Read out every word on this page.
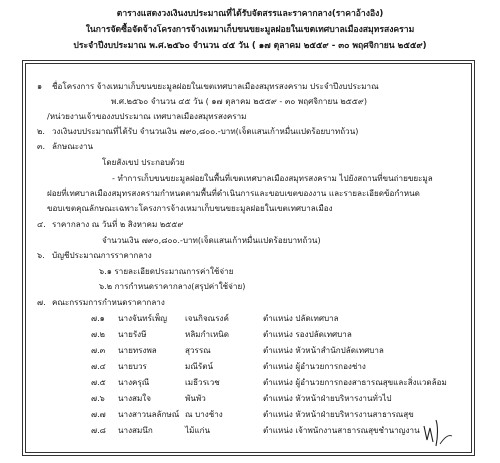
ตารางแสดงวงเงินงบประมาณที่ได้รับจัดสรรและราคากลาง(ราคาอ้างอิง)
ในการจัดซื้อจัดจ้างโครงการจ้างเหมาเก็บขนขยะมูลฝอยในเขตเทศบาลเมืองสมุทรสงคราม
ประจำปีงบประมาณ พ.ศ.๒๕๖๐ จำนวน ๔๕ วัน ( ๑๗ ตุลาคม ๒๕๕๙ - ๓๐ พฤศจิกายน ๒๕๕๙)
๑ ชื่อโครงการ จ้างเหมาเก็บขนขยะมูลฝอยในเขตเทศบาลเมืองสมุทรสงคราม ประจำปีงบประมาณ
พ.ศ.๒๕๖๐ จำนวน ๔๕ วัน ( ๑๗ ตุลาคม ๒๕๕๙ - ๓๐ พฤศจิกายน ๒๕๕๙)
/หน่วยงานเจ้าของงบประมาณ เทศบาลเมืองสมุทรสงคราม
๒. วงเงินงบประมาณที่ได้รับ จำนวนเงิน ๗๙๐,๘๐๐.-บาท(เจ็ดแสนเก้าหมื่นแปดร้อยบาทถ้วน)
๓. ลักษณะงาน
โดยสังเขป ประกอบด้วย
- ทำการเก็บขนขยะมูลฝอยในพื้นที่เขตเทศบาลเมืองสมุทรสงคราม ไปยังสถานที่ขนถ่ายขยะมูล
ฝอยที่เทศบาลเมืองสมุทรสงครามกำหนดตามพื้นที่ดำเนินการและขอบเขตของงาน และรายละเอียดข้อกำหนด
ขอบเขตคุณลักษณะเฉพาะโครงการจ้างเหมาเก็บขนขยะมูลฝอยในเขตเทศบาลเมือง
๔. ราคากลาง ณ วันที่ ๒ สิงหาคม ๒๕๕๙
จำนวนเงิน ๗๙๐,๘๐๐.-บาท(เจ็ดแสนเก้าหมื่นแปดร้อยบาทถ้วน)
๖. บัญชีประมาณการราคากลาง
๖.๑ รายละเอียดประมาณการค่าใช้จ่าย
๖.๒ การกำหนดราคากลาง(สรุปค่าใช้จ่าย)
๗. คณะกรรมการกำหนดราคากลาง
๗.๑ นางจันทร์เพ็ญ เจนกิจณรงค์	ตำแหน่ง ปลัดเทศบาล
๗.๒ นายรังษี	หลิมกำเหนิด	ตำแหน่ง รองปลัดเทศบาล
๗.๓ นายทรงพล	สุวรรณ	ตำแหน่ง หัวหน้าสำนักปลัดเทศบาล
๗.๔ นายบวร	มณีรัตน์	ตำแหน่ง ผู้อำนวยการกองช่าง
๗.๕ นางครุณี	เมธีวรเวช	ตำแหน่ง ผู้อำนวยการกองสาธารณสุขและสิ่งแวดล้อม
๗.๖ นางสมใจ	พันพัว	ตำแหน่ง หัวหน้าฝ่ายบริหารงานทั่วไป
๗.๗ นางสาวนลลักษณ์ ณ บางช้าง	ตำแหน่ง หัวหน้าฝ่ายบริหารงานสาธารณสุข
๗.๘ นางสมนึก	ไม้แก่น	ตำแหน่ง เจ้าพนักงานสาธารณสุขชำนาญงาน
